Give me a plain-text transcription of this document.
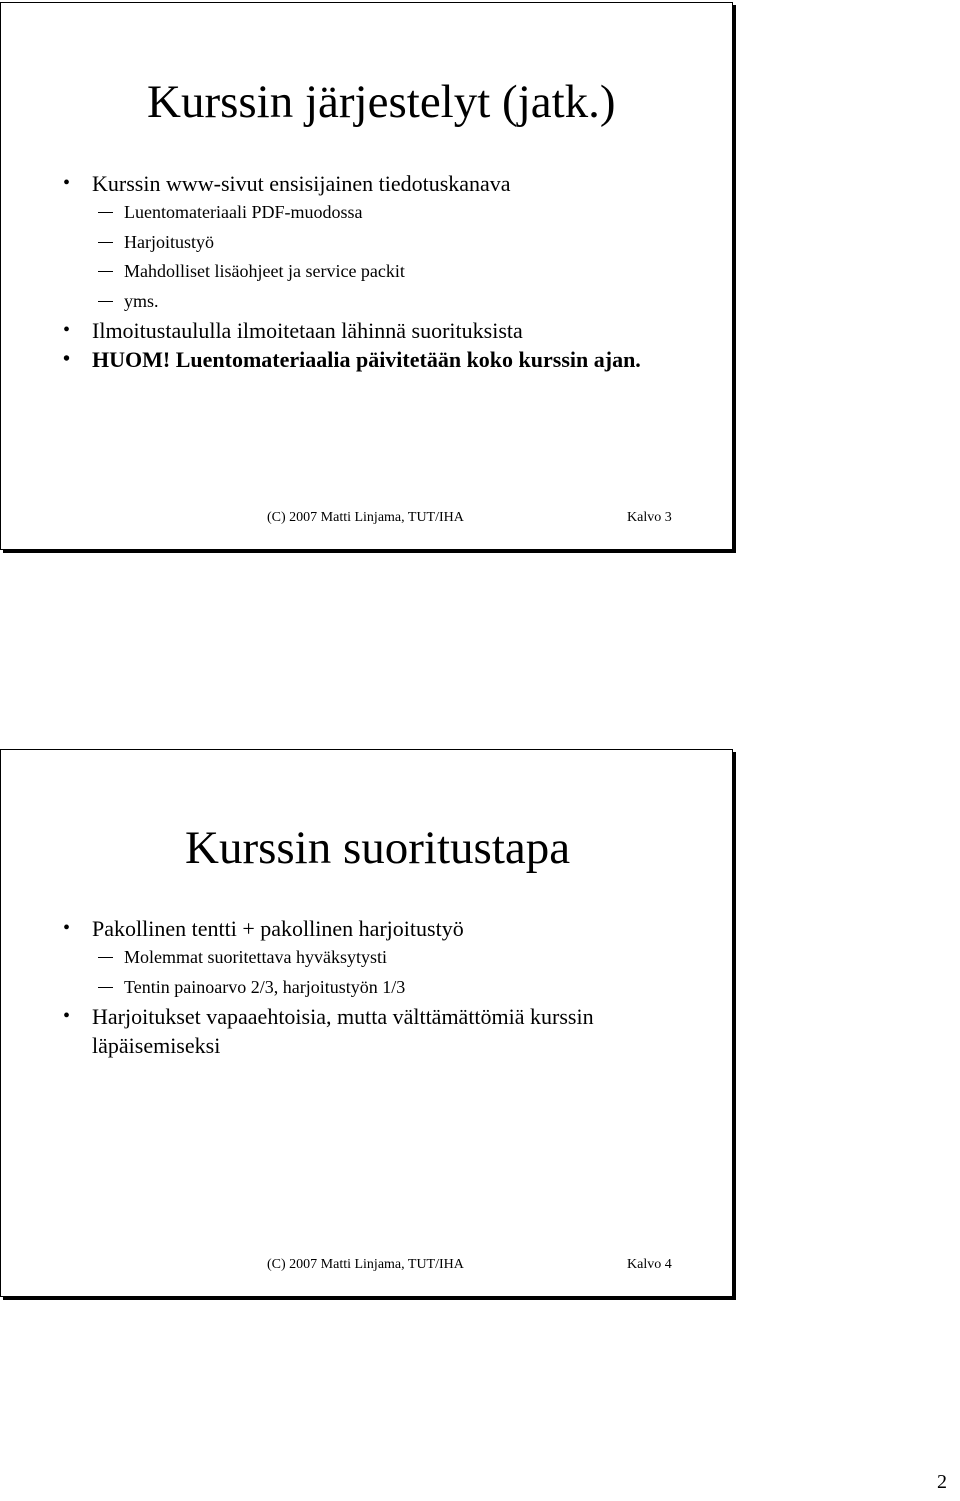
Kurssin järjestelyt (jatk.)
• Kurssin www-sivut ensisijainen tiedotuskanava
Luentomateriaali PDF-muodossa
Harjoitustyö
Mahdolliset lisäohjeet ja service packit
yms.
• Ilmoitustaululla ilmoitetaan lähinnä suorituksista
• HUOM! Luentomateriaalia päivitetään koko kurssin ajan.
(C) 2007 Matti Linjama, TUT/IHA	Kalvo 3
Kurssin suoritustapa
• Pakollinen tentti + pakollinen harjoitustyö
Molemmat suoritettava hyväksytysti
Tentin painoarvo 2/3, harjoitustyön 1/3
• Harjoitukset vapaaehtoisia, mutta välttämättömiä kurssin läpäisemiseksi
(C) 2007 Matti Linjama, TUT/IHA	Kalvo 4
2
